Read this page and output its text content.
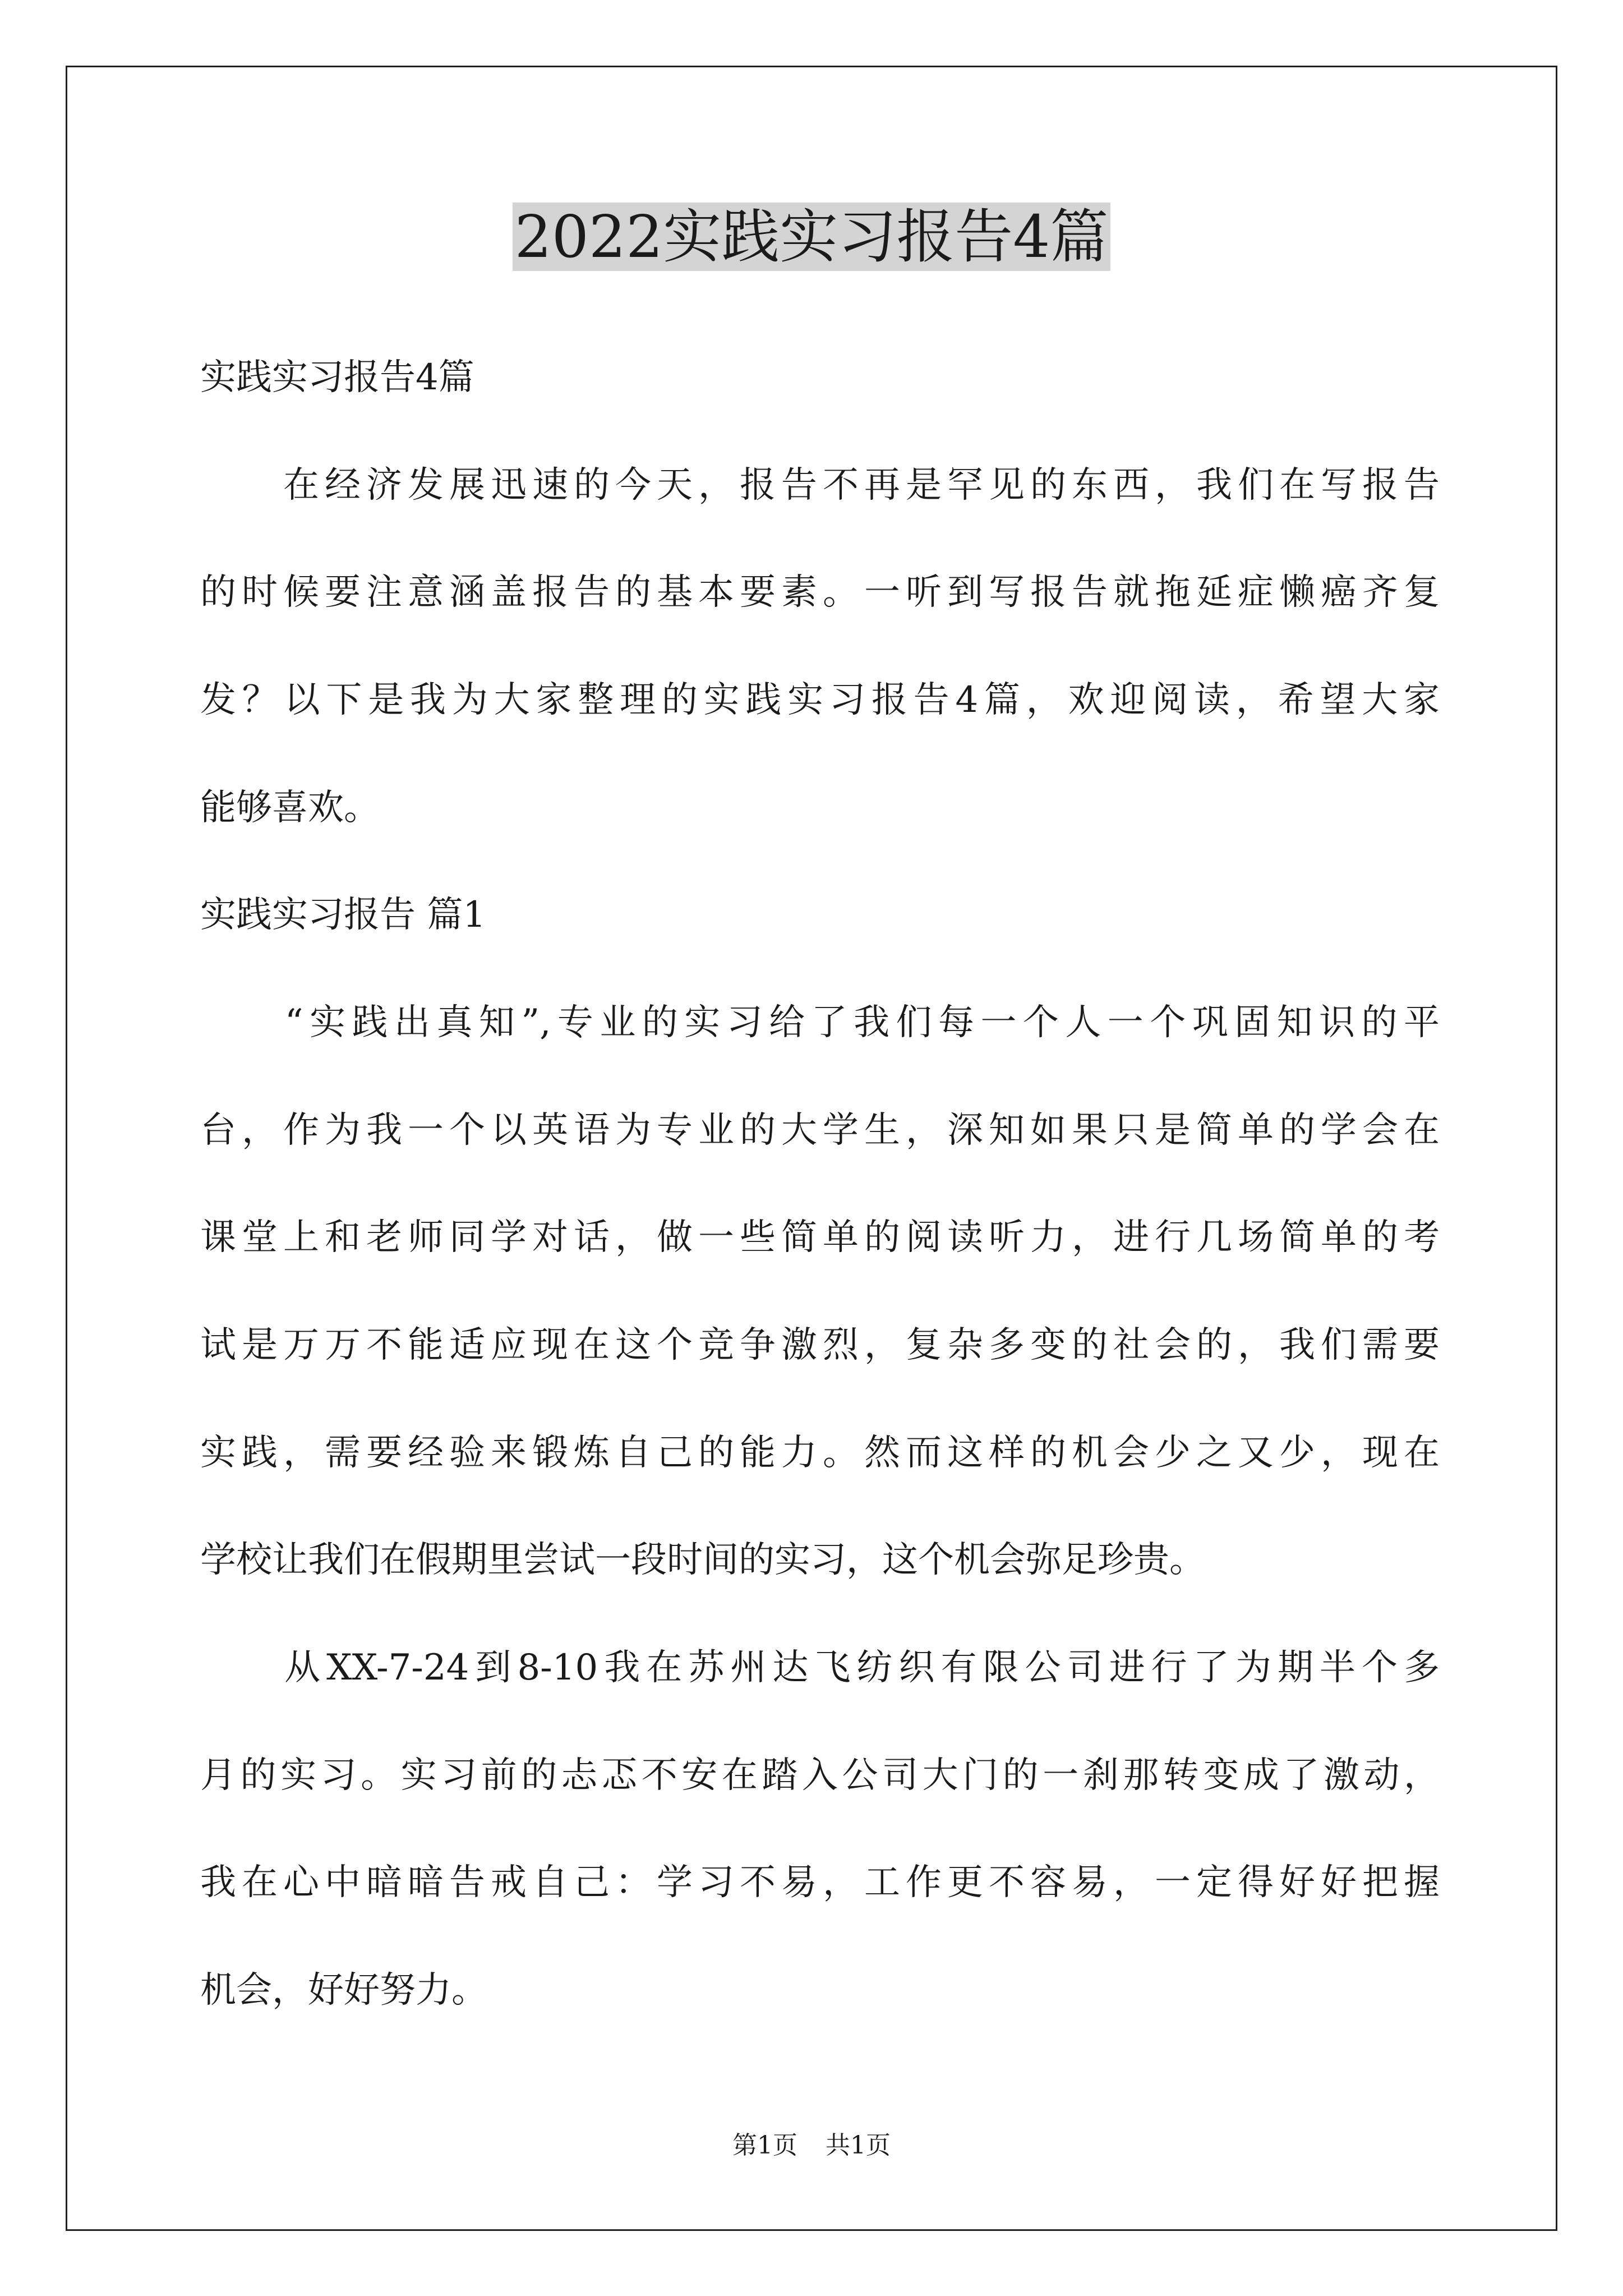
2022实践实习报告4篇

实践实习报告4篇

　　在经济发展迅速的今天，报告不再是罕见的东西，我们在写报告

的时候要注意涵盖报告的基本要素。一听到写报告就拖延症懒癌齐复

发？以下是我为大家整理的实践实习报告4篇，欢迎阅读，希望大家

能够喜欢。

实践实习报告 篇1

　　“实践出真知”,专业的实习给了我们每一个人一个巩固知识的平

台，作为我一个以英语为专业的大学生，深知如果只是简单的学会在

课堂上和老师同学对话，做一些简单的阅读听力，进行几场简单的考

试是万万不能适应现在这个竞争激烈，复杂多变的社会的，我们需要

实践，需要经验来锻炼自己的能力。然而这样的机会少之又少，现在

学校让我们在假期里尝试一段时间的实习，这个机会弥足珍贵。

　　从XX-7-24到8-10我在苏州达飞纺织有限公司进行了为期半个多

月的实习。实习前的忐忑不安在踏入公司大门的一刹那转变成了激动，

我在心中暗暗告戒自己：学习不易，工作更不容易，一定得好好把握

机会，好好努力。

第1页 共1页
